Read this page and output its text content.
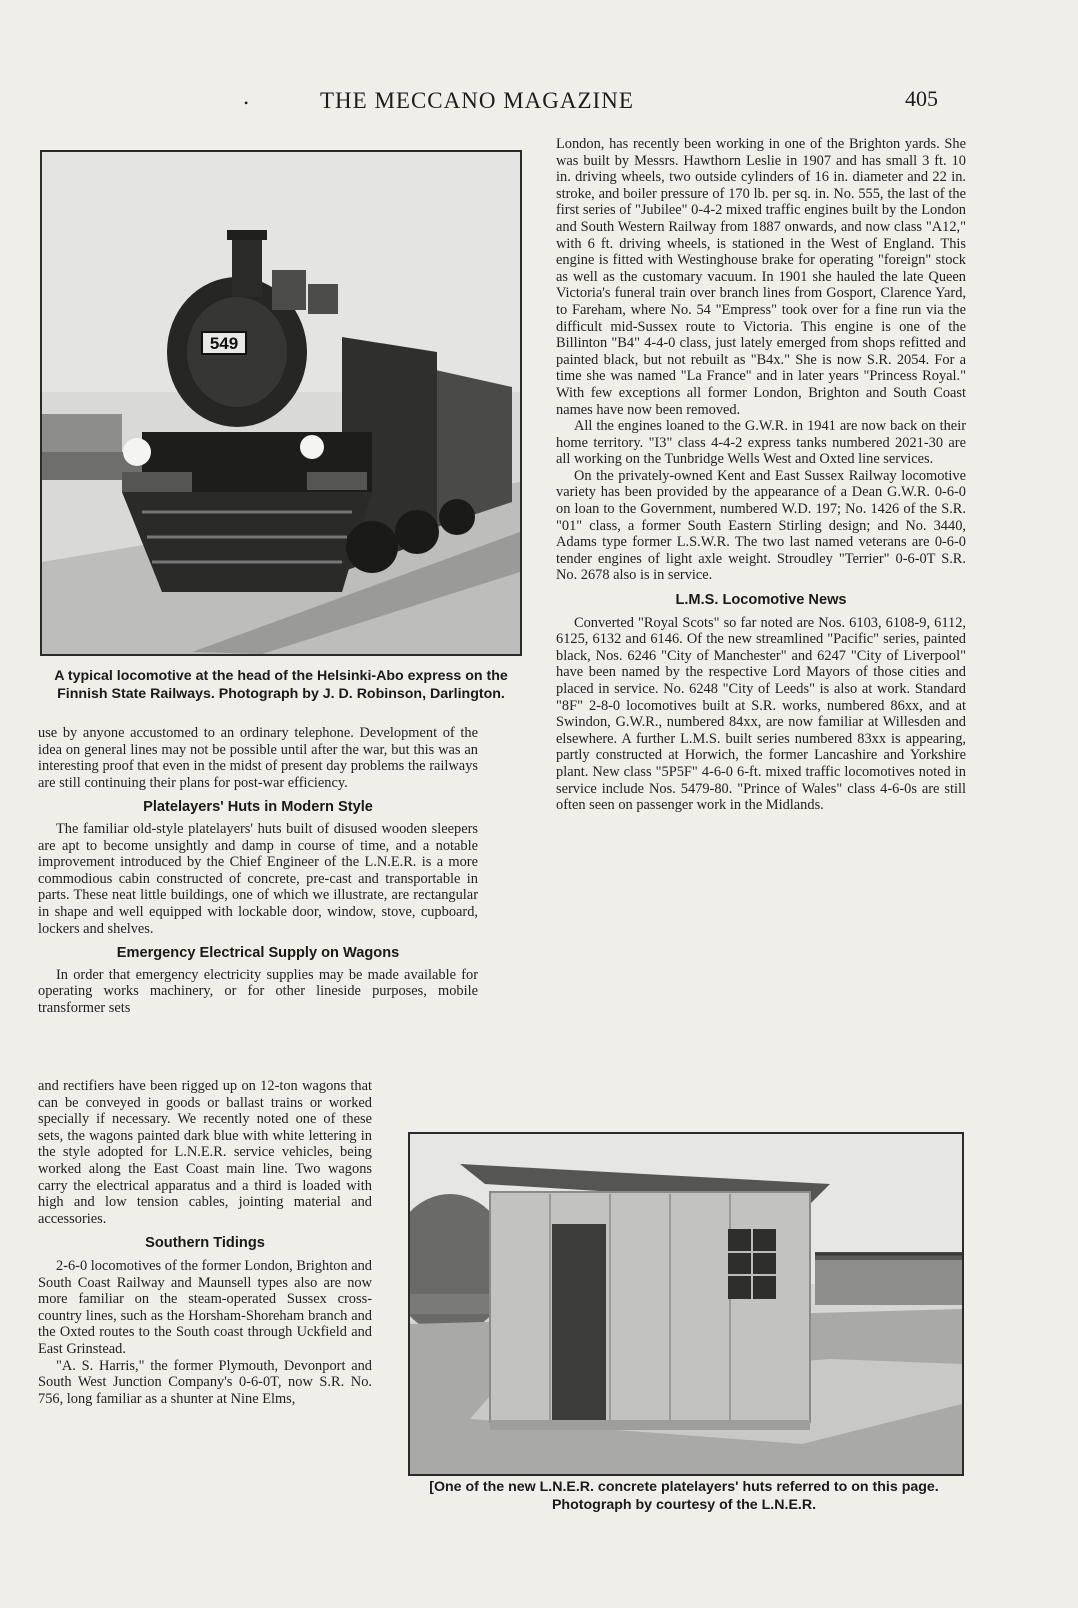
•	THE MECCANO MAGAZINE	405
549
A typical locomotive at the head of the Helsinki-Abo express on the Finnish State Railways. Photograph by J. D. Robinson, Darlington.

use by anyone accustomed to an ordinary telephone. Development of the idea on general lines may not be possible until after the war, but this was an interesting proof that even in the midst of present day problems the railways are still continuing their plans for post-war efficiency.

Platelayers' Huts in Modern Style

The familiar old-style platelayers' huts built of disused wooden sleepers are apt to become unsightly and damp in course of time, and a notable improvement introduced by the Chief Engineer of the L.N.E.R. is a more commodious cabin constructed of concrete, pre-cast and transportable in parts. These neat little buildings, one of which we illustrate, are rectangular in shape and well equipped with lockable door, window, stove, cupboard, lockers and shelves.

Emergency Electrical Supply on Wagons

In order that emergency electricity supplies may be made available for operating works machinery, or for other lineside purposes, mobile transformer sets

and rectifiers have been rigged up on 12-ton wagons that can be conveyed in goods or ballast trains or worked specially if necessary. We recently noted one of these sets, the wagons painted dark blue with white lettering in the style adopted for L.N.E.R. service vehicles, being worked along the East Coast main line. Two wagons carry the electrical apparatus and a third is loaded with high and low tension cables, jointing material and accessories.

Southern Tidings

2-6-0 locomotives of the former London, Brighton and South Coast Railway and Maunsell types also are now more familiar on the steam-operated Sussex cross-country lines, such as the Horsham-Shoreham branch and the Oxted routes to the South coast through Uckfield and East Grinstead.

"A. S. Harris," the former Plymouth, Devonport and South West Junction Company's 0-6-0T, now S.R. No. 756, long familiar as a shunter at Nine Elms,

London, has recently been working in one of the Brighton yards. She was built by Messrs. Hawthorn Leslie in 1907 and has small 3 ft. 10 in. driving wheels, two outside cylinders of 16 in. diameter and 22 in. stroke, and boiler pressure of 170 lb. per sq. in. No. 555, the last of the first series of "Jubilee" 0-4-2 mixed traffic engines built by the London and South Western Railway from 1887 onwards, and now class "A12," with 6 ft. driving wheels, is stationed in the West of England. This engine is fitted with Westinghouse brake for operating "foreign" stock as well as the customary vacuum. In 1901 she hauled the late Queen Victoria's funeral train over branch lines from Gosport, Clarence Yard, to Fareham, where No. 54 "Empress" took over for a fine run via the difficult mid-Sussex route to Victoria. This engine is one of the Billinton "B4" 4-4-0 class, just lately emerged from shops refitted and painted black, but not rebuilt as "B4x." She is now S.R. 2054. For a time she was named "La France" and in later years "Princess Royal." With few exceptions all former London, Brighton and South Coast names have now been removed.

All the engines loaned to the G.W.R. in 1941 are now back on their home territory. "I3" class 4-4-2 express tanks numbered 2021-30 are all working on the Tunbridge Wells West and Oxted line services.

On the privately-owned Kent and East Sussex Railway locomotive variety has been provided by the appearance of a Dean G.W.R. 0-6-0 on loan to the Government, numbered W.D. 197; No. 1426 of the S.R. "01" class, a former South Eastern Stirling design; and No. 3440, Adams type former L.S.W.R. The two last named veterans are 0-6-0 tender engines of light axle weight. Stroudley "Terrier" 0-6-0T S.R. No. 2678 also is in service.

L.M.S. Locomotive News

Converted "Royal Scots" so far noted are Nos. 6103, 6108-9, 6112, 6125, 6132 and 6146. Of the new streamlined "Pacific" series, painted black, Nos. 6246 "City of Manchester" and 6247 "City of Liverpool" have been named by the respective Lord Mayors of those cities and placed in service. No. 6248 "City of Leeds" is also at work. Standard "8F" 2-8-0 locomotives built at S.R. works, numbered 86xx, and at Swindon, G.W.R., numbered 84xx, are now familiar at Willesden and elsewhere. A further L.M.S. built series numbered 83xx is appearing, partly constructed at Horwich, the former Lancashire and Yorkshire plant. New class "5P5F" 4-6-0 6-ft. mixed traffic locomotives noted in service include Nos. 5479-80. "Prince of Wales" class 4-6-0s are still often seen on passenger work in the Midlands.

[One of the new L.N.E.R. concrete platelayers' huts referred to on this page. Photograph by courtesy of the L.N.E.R.
